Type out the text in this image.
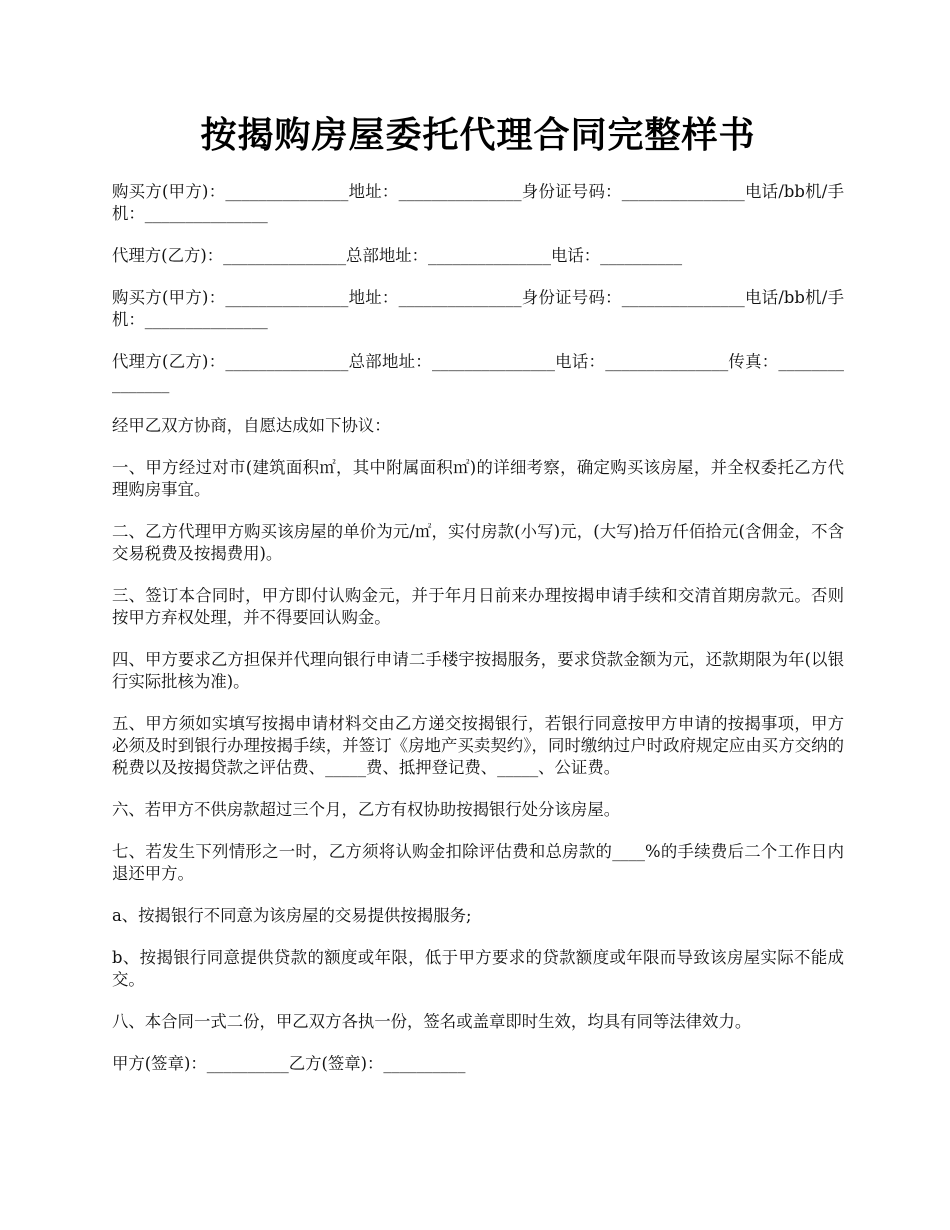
按揭购房屋委托代理合同完整样书

购买方(甲方)：_______________地址：_______________身份证号码：_______________电话/bb机/手机：_______________

代理方(乙方)：_______________总部地址：_______________电话：__________

购买方(甲方)：_______________地址：_______________身份证号码：_______________电话/bb机/手机：_______________

代理方(乙方)：_______________总部地址：_______________电话：_______________传真：_______________

经甲乙双方协商，自愿达成如下协议：

一、甲方经过对市(建筑面积㎡，其中附属面积㎡)的详细考察，确定购买该房屋，并全权委托乙方代理购房事宜。

二、乙方代理甲方购买该房屋的单价为元/㎡，实付房款(小写)元，(大写)拾万仟佰拾元(含佣金，不含交易税费及按揭费用)。

三、签订本合同时，甲方即付认购金元，并于年月日前来办理按揭申请手续和交清首期房款元。否则按甲方弃权处理，并不得要回认购金。

四、甲方要求乙方担保并代理向银行申请二手楼宇按揭服务，要求贷款金额为元，还款期限为年(以银行实际批核为准)。

五、甲方须如实填写按揭申请材料交由乙方递交按揭银行，若银行同意按甲方申请的按揭事项，甲方必须及时到银行办理按揭手续，并签订《房地产买卖契约》，同时缴纳过户时政府规定应由买方交纳的税费以及按揭贷款之评估费、_____费、抵押登记费、_____、公证费。

六、若甲方不供房款超过三个月，乙方有权协助按揭银行处分该房屋。

七、若发生下列情形之一时，乙方须将认购金扣除评估费和总房款的____%的手续费后二个工作日内退还甲方。

a、按揭银行不同意为该房屋的交易提供按揭服务;

b、按揭银行同意提供贷款的额度或年限，低于甲方要求的贷款额度或年限而导致该房屋实际不能成交。

八、本合同一式二份，甲乙双方各执一份，签名或盖章即时生效，均具有同等法律效力。

甲方(签章)：__________乙方(签章)：__________
